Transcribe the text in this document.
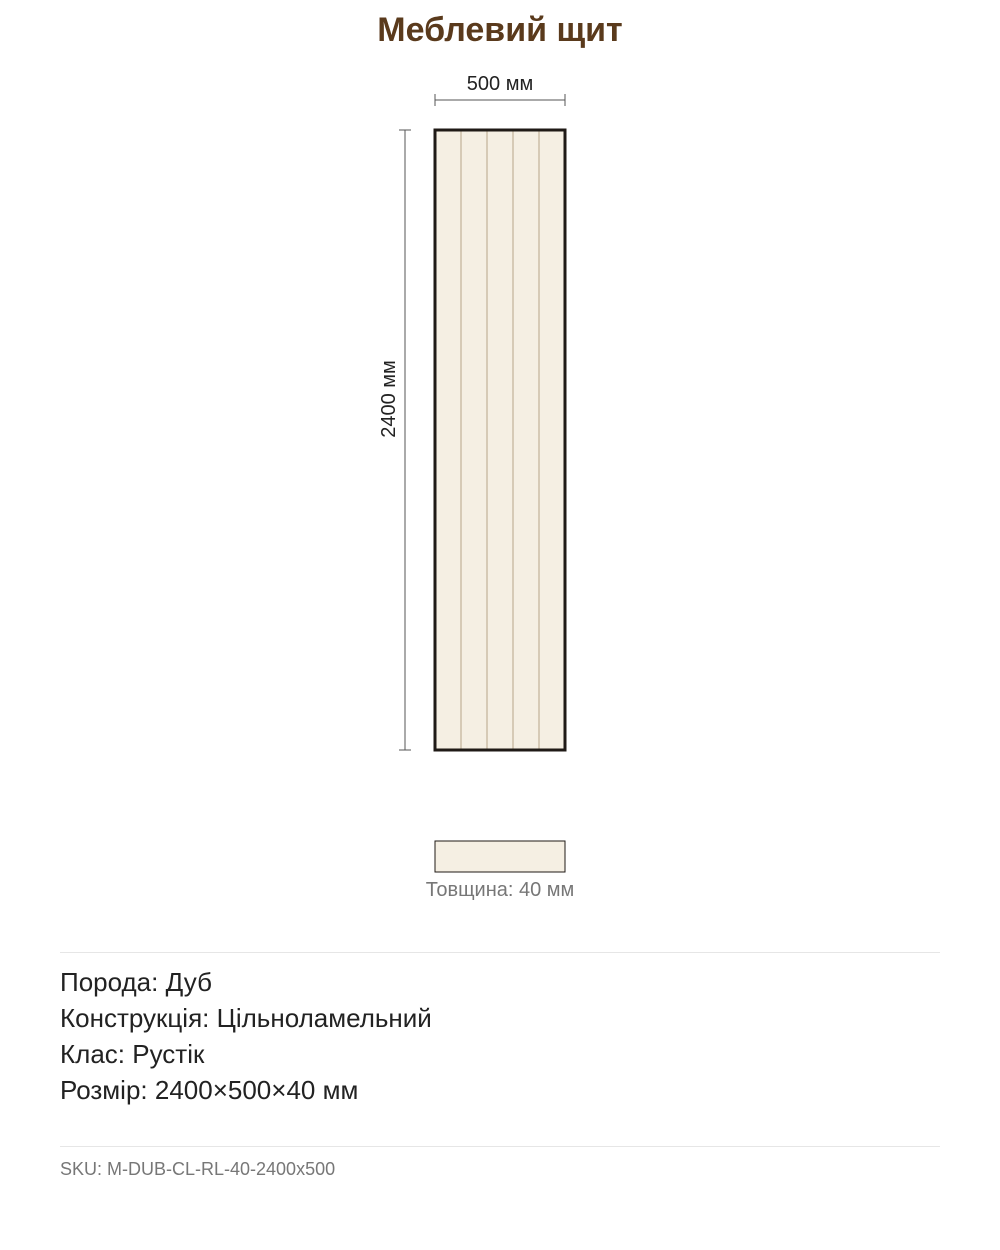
Меблевий щит
500 мм
2400 мм
Товщина: 40 мм
Порода: Дуб
Конструкція: Цільноламельний
Клас: Рустік
Розмір: 2400×500×40 мм
SKU: M-DUB-CL-RL-40-2400x500
